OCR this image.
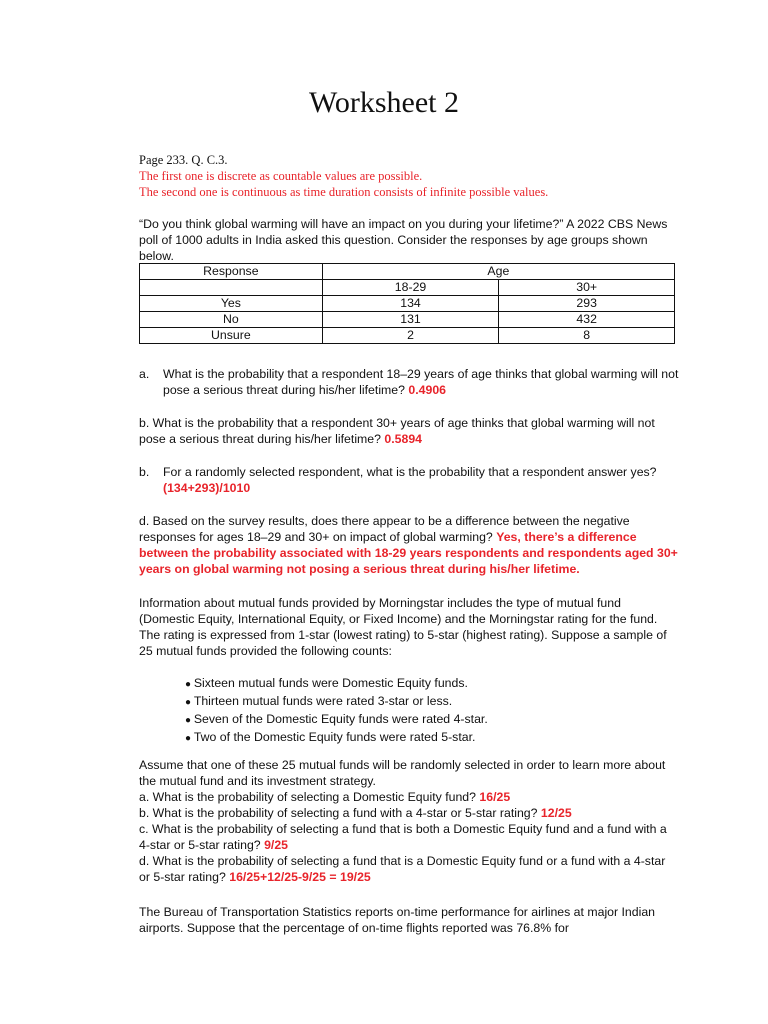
Worksheet 2
Page 233. Q. C.3.
The first one is discrete as countable values are possible.
The second one is continuous as time duration consists of infinite possible values.

“Do you think global warming will have an impact on you during your lifetime?” A 2022 CBS News poll of 1000 adults in India asked this question. Consider the responses by age groups shown below.

Response	Age	
	18-29	30+
Yes	134	293
No	131	432
Unsure	2	8
a. What is the probability that a respondent 18–29 years of age thinks that global warming will not pose a serious threat during his/her lifetime? 0.4906
b. What is the probability that a respondent 30+ years of age thinks that global warming will not pose a serious threat during his/her lifetime? 0.5894
b. For a randomly selected respondent, what is the probability that a respondent answer yes? (134+293)/1010
d. Based on the survey results, does there appear to be a difference between the negative responses for ages 18–29 and 30+ on impact of global warming? Yes, there’s a difference between the probability associated with 18-29 years respondents and respondents aged 30+ years on global warming not posing a serious threat during his/her lifetime.

Information about mutual funds provided by Morningstar includes the type of mutual fund (Domestic Equity, International Equity, or Fixed Income) and the Morningstar rating for the fund. The rating is expressed from 1-star (lowest rating) to 5-star (highest rating). Suppose a sample of 25 mutual funds provided the following counts:

● Sixteen mutual funds were Domestic Equity funds.
● Thirteen mutual funds were rated 3-star or less.
● Seven of the Domestic Equity funds were rated 4-star.
● Two of the Domestic Equity funds were rated 5-star.
Assume that one of these 25 mutual funds will be randomly selected in order to learn more about the mutual fund and its investment strategy.
a. What is the probability of selecting a Domestic Equity fund? 16/25
b. What is the probability of selecting a fund with a 4-star or 5-star rating? 12/25
c. What is the probability of selecting a fund that is both a Domestic Equity fund and a fund with a 4-star or 5-star rating? 9/25
d. What is the probability of selecting a fund that is a Domestic Equity fund or a fund with a 4-star or 5-star rating? 16/25+12/25-9/25 = 19/25

The Bureau of Transportation Statistics reports on-time performance for airlines at major Indian airports. Suppose that the percentage of on-time flights reported was 76.8% for
